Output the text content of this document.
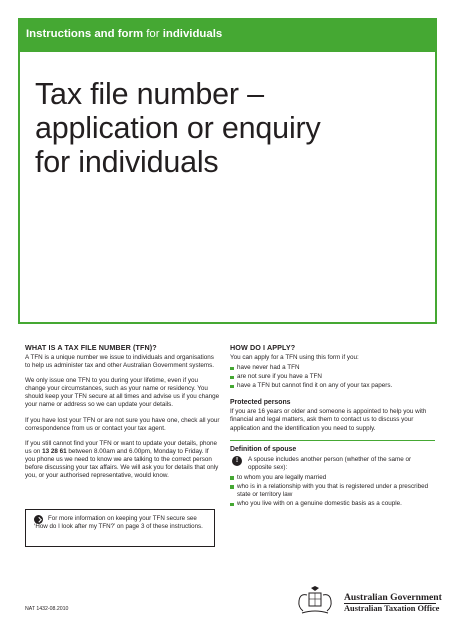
Instructions and form for individuals
Tax file number –
application or enquiry
for individuals
WHAT IS A TAX FILE NUMBER (TFN)?

A TFN is a unique number we issue to individuals and organisations to help us administer tax and other Australian Government systems.

We only issue one TFN to you during your lifetime, even if you change your circumstances, such as your name or residency. You should keep your TFN secure at all times and advise us if you change your name or address so we can update your details.

If you have lost your TFN or are not sure you have one, check all your correspondence from us or contact your tax agent.

If you still cannot find your TFN or want to update your details, phone us on 13 28 61 between 8.00am and 6.00pm, Monday to Friday. If you phone us we need to know we are talking to the correct person before discussing your tax affairs. We will ask you for details that only you, or your authorised representative, would know.

For more information on keeping your TFN secure see ‘How do I look after my TFN?’ on page 3 of these instructions.
HOW DO I APPLY?

You can apply for a TFN using this form if you:

have never had a TFN
are not sure if you have a TFN
have a TFN but cannot find it on any of your tax papers.
Protected persons

If you are 16 years or older and someone is appointed to help you with financial and legal matters, ask them to contact us to discuss your application and the identification you need to supply.

Definition of spouse
!	A spouse includes another person (whether of the same or opposite sex):

to whom you are legally married
who is in a relationship with you that is registered under a prescribed state or territory law
who you live with on a genuine domestic basis as a couple.
NAT 1432-08.2010
Australian Government
Australian Taxation Office
